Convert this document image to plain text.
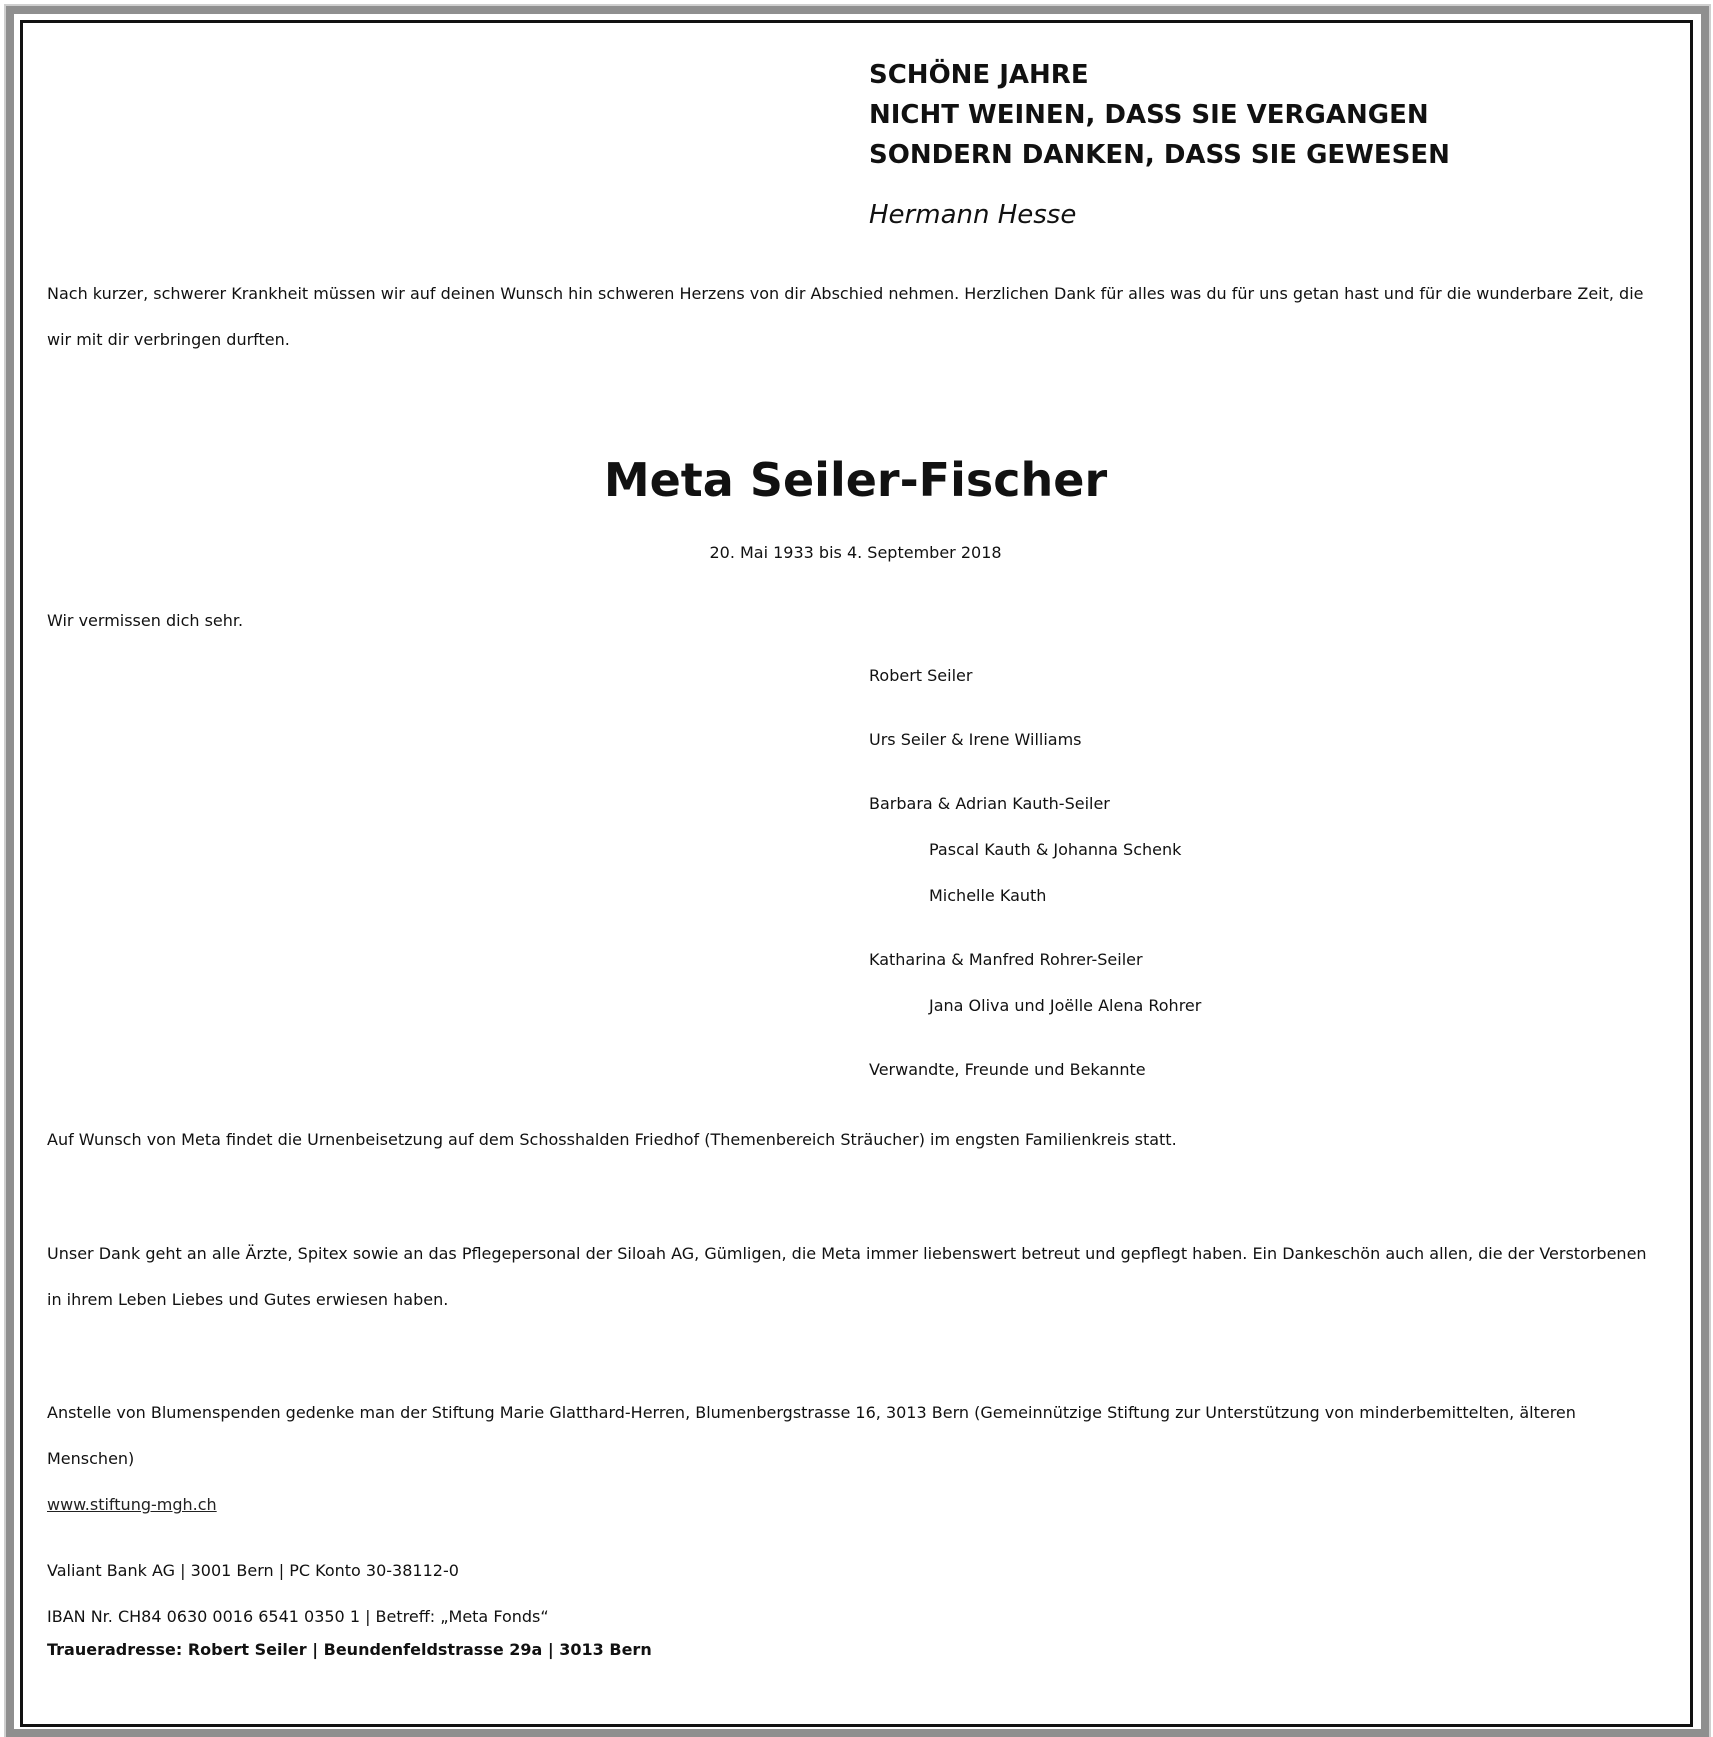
SCHÖNE JAHRE
NICHT WEINEN, DASS SIE VERGANGEN
SONDERN DANKEN, DASS SIE GEWESEN
Hermann Hesse
Nach kurzer, schwerer Krankheit müssen wir auf deinen Wunsch hin schweren Herzens von dir Abschied nehmen. Herzlichen Dank für alles was du für uns getan hast und für die wunderbare Zeit, die wir mit dir verbringen durften.
Meta Seiler-Fischer
20. Mai 1933 bis 4. September 2018
Wir vermissen dich sehr.
Robert Seiler
Urs Seiler & Irene Williams
Barbara & Adrian Kauth-Seiler
Pascal Kauth & Johanna Schenk
Michelle Kauth
Katharina & Manfred Rohrer-Seiler
Jana Oliva und Joëlle Alena Rohrer
Verwandte, Freunde und Bekannte
Auf Wunsch von Meta findet die Urnenbeisetzung auf dem Schosshalden Friedhof (Themenbereich Sträucher) im engsten Familienkreis statt.
Unser Dank geht an alle Ärzte, Spitex sowie an das Pflegepersonal der Siloah AG, Gümligen, die Meta immer liebenswert betreut und gepflegt haben. Ein Dankeschön auch allen, die der Verstorbenen in ihrem Leben Liebes und Gutes erwiesen haben.
Anstelle von Blumenspenden gedenke man der Stiftung Marie Glatthard-Herren, Blumenbergstrasse 16, 3013 Bern (Gemeinnützige Stiftung zur Unterstützung von minderbemittelten, älteren Menschen)
www.stiftung-mgh.ch
Valiant Bank AG | 3001 Bern | PC Konto 30-38112-0
IBAN Nr. CH84 0630 0016 6541 0350 1 | Betreff: „Meta Fonds“
Traueradresse: Robert Seiler | Beundenfeldstrasse 29a | 3013 Bern
